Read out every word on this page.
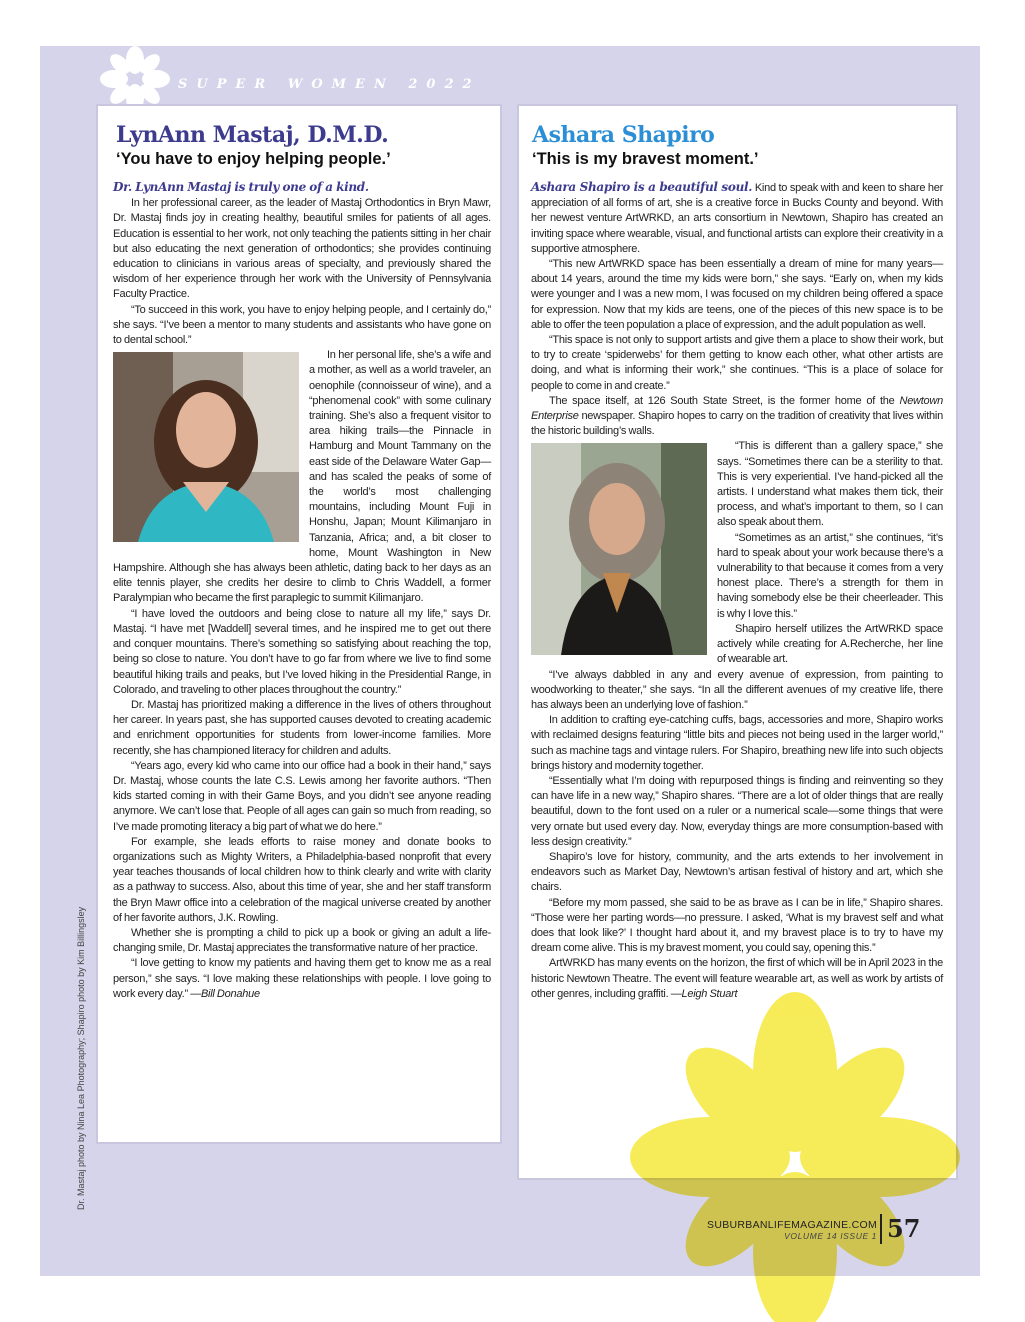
SUPER WOMEN 2022
LynAnn Mastaj, D.M.D.
‘You have to enjoy helping people.’

Dr. LynAnn Mastaj is truly one of a kind.

In her professional career, as the leader of Mastaj Orthodontics in Bryn Mawr, Dr. Mastaj finds joy in creating healthy, beautiful smiles for patients of all ages. Education is essential to her work, not only teaching the patients sitting in her chair but also educating the next generation of orthodontics; she provides continuing education to clinicians in various areas of specialty, and previously shared the wisdom of her experience through her work with the University of Pennsylvania Faculty Practice.

“To succeed in this work, you have to enjoy helping people, and I certainly do,” she says. “I’ve been a mentor to many students and assistants who have gone on to dental school.”

In her personal life, she’s a wife and a mother, as well as a world traveler, an oenophile (connoisseur of wine), and a “phenomenal cook” with some culinary training. She’s also a frequent visitor to area hiking trails—the Pinnacle in Hamburg and Mount Tammany on the east side of the Delaware Water Gap—and has scaled the peaks of some of the world’s most challenging mountains, including Mount Fuji in Honshu, Japan; Mount Kilimanjaro in Tanzania, Africa; and, a bit closer to home, Mount Washington in New Hampshire. Although she has always been athletic, dating back to her days as an elite tennis player, she credits her desire to climb to Chris Waddell, a former Paralympian who became the first paraplegic to summit Kilimanjaro.

“I have loved the outdoors and being close to nature all my life,” says Dr. Mastaj. “I have met [Waddell] several times, and he inspired me to get out there and conquer mountains. There’s something so satisfying about reaching the top, being so close to nature. You don’t have to go far from where we live to find some beautiful hiking trails and peaks, but I’ve loved hiking in the Presidential Range, in Colorado, and traveling to other places throughout the country.”

Dr. Mastaj has prioritized making a difference in the lives of others throughout her career. In years past, she has supported causes devoted to creating academic and enrichment opportunities for students from lower-income families. More recently, she has championed literacy for children and adults.

“Years ago, every kid who came into our office had a book in their hand,” says Dr. Mastaj, whose counts the late C.S. Lewis among her favorite authors. “Then kids started coming in with their Game Boys, and you didn’t see anyone reading anymore. We can’t lose that. People of all ages can gain so much from reading, so I’ve made promoting literacy a big part of what we do here.”

For example, she leads efforts to raise money and donate books to organizations such as Mighty Writers, a Philadelphia-based nonprofit that every year teaches thousands of local children how to think clearly and write with clarity as a pathway to success. Also, about this time of year, she and her staff transform the Bryn Mawr office into a celebration of the magical universe created by another of her favorite authors, J.K. Rowling.

Whether she is prompting a child to pick up a book or giving an adult a life-changing smile, Dr. Mastaj appreciates the transformative nature of her practice.

“I love getting to know my patients and having them get to know me as a real person,” she says. “I love making these relationships with people. I love going to work every day.” —Bill Donahue

Ashara Shapiro
‘This is my bravest moment.’

Ashara Shapiro is a beautiful soul. Kind to speak with and keen to share her appreciation of all forms of art, she is a creative force in Bucks County and beyond. With her newest venture ArtWRKD, an arts consortium in Newtown, Shapiro has created an inviting space where wearable, visual, and functional artists can explore their creativity in a supportive atmosphere.

“This new ArtWRKD space has been essentially a dream of mine for many years—about 14 years, around the time my kids were born,” she says. “Early on, when my kids were younger and I was a new mom, I was focused on my children being offered a space for expression. Now that my kids are teens, one of the pieces of this new space is to be able to offer the teen population a place of expression, and the adult population as well.

“This space is not only to support artists and give them a place to show their work, but to try to create ‘spiderwebs’ for them getting to know each other, what other artists are doing, and what is informing their work,” she continues. “This is a place of solace for people to come in and create.”

The space itself, at 126 South State Street, is the former home of the Newtown Enterprise newspaper. Shapiro hopes to carry on the tradition of creativity that lives within the historic building’s walls.

“This is different than a gallery space,” she says. “Sometimes there can be a sterility to that. This is very experiential. I’ve hand-picked all the artists. I understand what makes them tick, their process, and what’s important to them, so I can also speak about them.

“Sometimes as an artist,” she continues, “it’s hard to speak about your work because there’s a vulnerability to that because it comes from a very honest place. There’s a strength for them in having somebody else be their cheerleader. This is why I love this.”

Shapiro herself utilizes the ArtWRKD space actively while creating for A.Recherche, her line of wearable art.

“I’ve always dabbled in any and every avenue of expression, from painting to woodworking to theater,” she says. “In all the different avenues of my creative life, there has always been an underlying love of fashion.”

In addition to crafting eye-catching cuffs, bags, accessories and more, Shapiro works with reclaimed designs featuring “little bits and pieces not being used in the larger world,” such as machine tags and vintage rulers. For Shapiro, breathing new life into such objects brings history and modernity together.

“Essentially what I’m doing with repurposed things is finding and reinventing so they can have life in a new way,” Shapiro shares. “There are a lot of older things that are really beautiful, down to the font used on a ruler or a numerical scale—some things that were very ornate but used every day. Now, everyday things are more consumption-based with less design creativity.”

Shapiro’s love for history, community, and the arts extends to her involvement in endeavors such as Market Day, Newtown’s artisan festival of history and art, which she chairs.

“Before my mom passed, she said to be as brave as I can be in life,” Shapiro shares. “Those were her parting words—no pressure. I asked, ‘What is my bravest self and what does that look like?’ I thought hard about it, and my bravest place is to try to have my dream come alive. This is my bravest moment, you could say, opening this.”

ArtWRKD has many events on the horizon, the first of which will be in April 2023 in the historic Newtown Theatre. The event will feature wearable art, as well as work by artists of other genres, including graffiti. —Leigh Stuart

SUBURBANLIFEMAGAZINE.COM
VOLUME 14 ISSUE 1 57
Dr. Mastaj photo by Nina Lea Photography; Shapiro photo by Kim Billingsley
